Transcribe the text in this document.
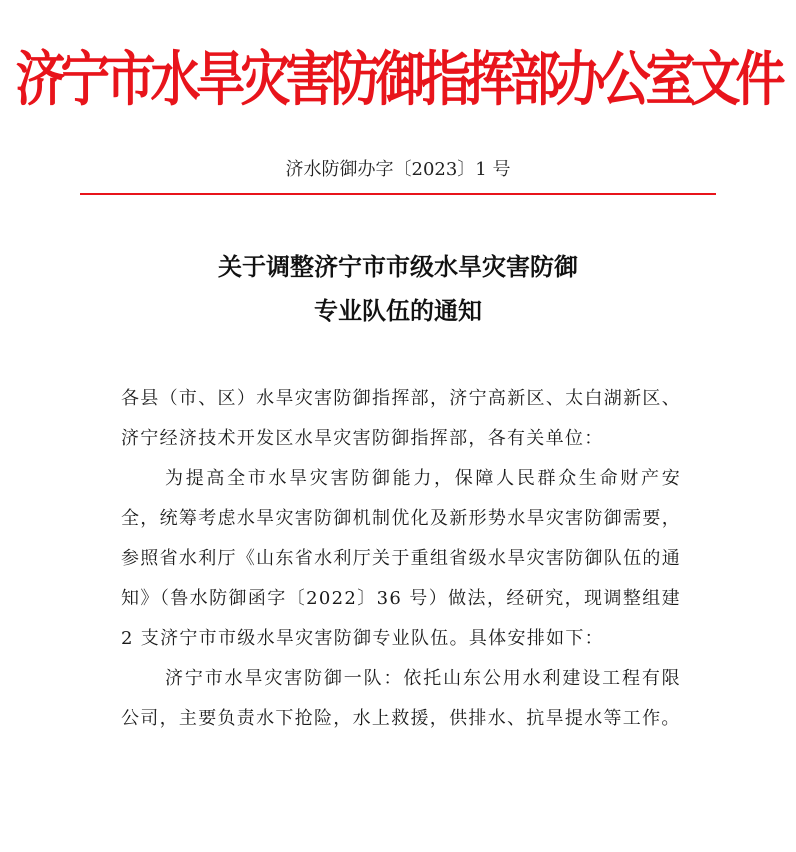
济宁市水旱灾害防御指挥部办公室文件
济水防御办字〔2023〕1 号
关于调整济宁市市级水旱灾害防御
专业队伍的通知

各县（市、区）水旱灾害防御指挥部，济宁高新区、太白湖新区、济宁经济技术开发区水旱灾害防御指挥部，各有关单位：

为提高全市水旱灾害防御能力，保障人民群众生命财产安全，统筹考虑水旱灾害防御机制优化及新形势水旱灾害防御需要，参照省水利厅《山东省水利厅关于重组省级水旱灾害防御队伍的通知》（鲁水防御函字〔2022〕36 号）做法，经研究，现调整组建 2 支济宁市市级水旱灾害防御专业队伍。具体安排如下：

济宁市水旱灾害防御一队：依托山东公用水利建设工程有限公司，主要负责水下抢险，水上救援，供排水、抗旱提水等工作。
